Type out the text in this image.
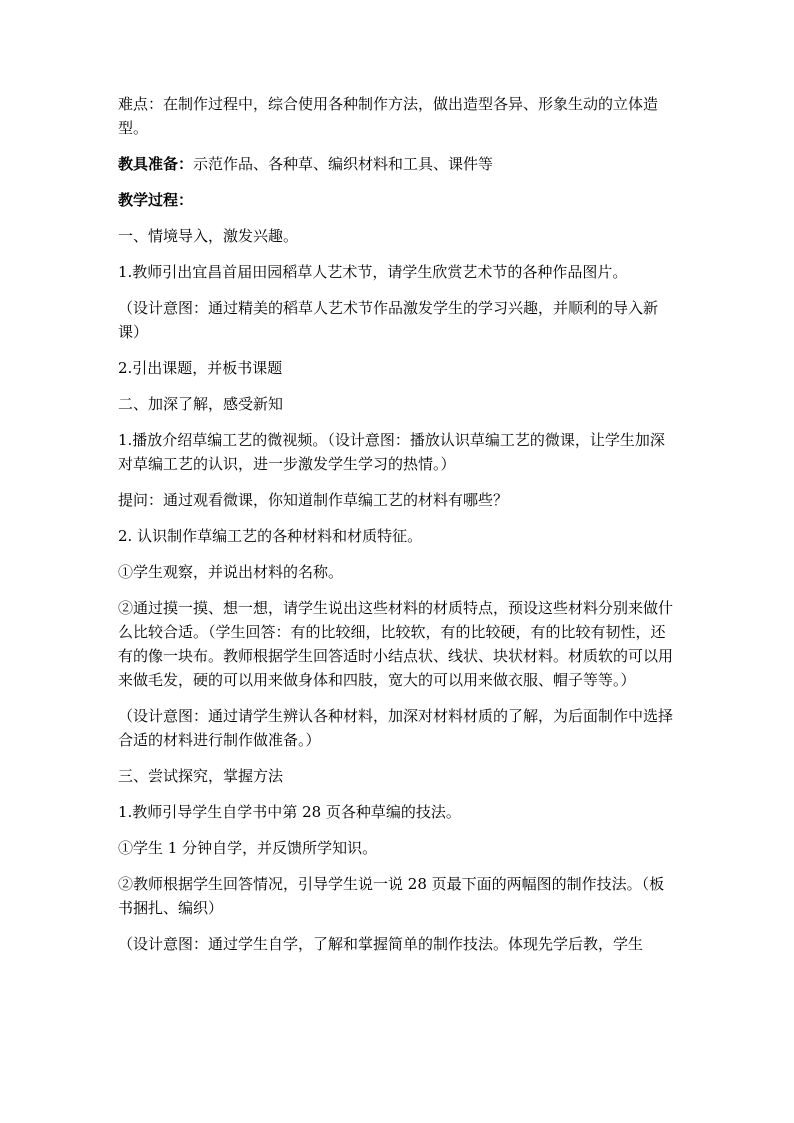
难点：在制作过程中，综合使用各种制作方法，做出造型各异、形象生动的立体造型。

教具准备：示范作品、各种草、编织材料和工具、课件等

教学过程：

一、情境导入，激发兴趣。

1.教师引出宜昌首届田园稻草人艺术节，请学生欣赏艺术节的各种作品图片。

（设计意图：通过精美的稻草人艺术节作品激发学生的学习兴趣，并顺利的导入新课）

2.引出课题，并板书课题

二、加深了解，感受新知

1.播放介绍草编工艺的微视频。（设计意图：播放认识草编工艺的微课，让学生加深对草编工艺的认识，进一步激发学生学习的热情。）

提问：通过观看微课，你知道制作草编工艺的材料有哪些？

2. 认识制作草编工艺的各种材料和材质特征。

①学生观察，并说出材料的名称。

②通过摸一摸、想一想，请学生说出这些材料的材质特点，预设这些材料分别来做什么比较合适。（学生回答：有的比较细，比较软，有的比较硬，有的比较有韧性，还有的像一块布。教师根据学生回答适时小结点状、线状、块状材料。材质软的可以用来做毛发，硬的可以用来做身体和四肢，宽大的可以用来做衣服、帽子等等。）

（设计意图：通过请学生辨认各种材料，加深对材料材质的了解，为后面制作中选择合适的材料进行制作做准备。）

三、尝试探究，掌握方法

1.教师引导学生自学书中第 28 页各种草编的技法。

①学生 1 分钟自学，并反馈所学知识。

②教师根据学生回答情况，引导学生说一说 28 页最下面的两幅图的制作技法。（板书捆扎、编织）

（设计意图：通过学生自学，了解和掌握简单的制作技法。体现先学后教，学生
